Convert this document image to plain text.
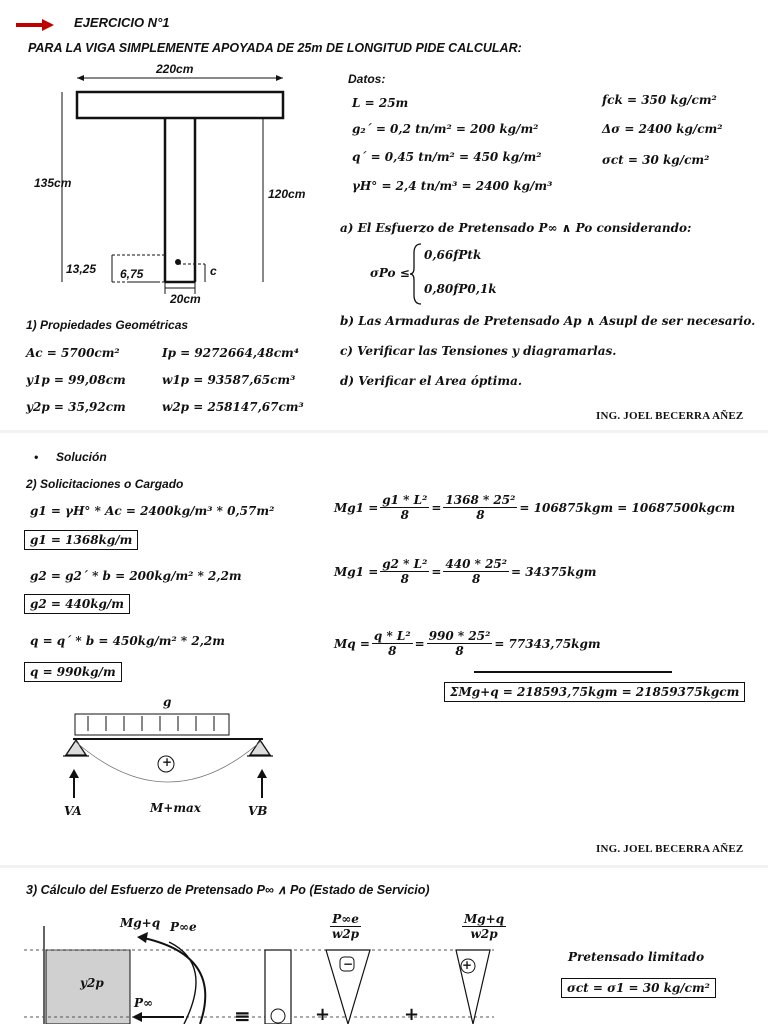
EJERCICIO N°1
PARA LA VIGA SIMPLEMENTE APOYADA DE 25m DE LONGITUD PIDE CALCULAR:
220cm
135cm
120cm
13,25 6,75	c
20cm
Datos:
L = 25m
g₂´ = 0,2 tn/m² = 200 kg/m²
q´ = 0,45 tn/m² = 450 kg/m²
γH° = 2,4 tn/m³ = 2400 kg/m³
fck = 350 kg/cm²
Δσ = 2400 kg/cm²
σct = 30 kg/cm²
a) El Esfuerzo de Pretensado P∞ ∧ Po considerando:
σPo ≤
0,66fPtk
0,80fP0,1k
b) Las Armaduras de Pretensado Ap ∧ Asupl de ser necesario.
c) Verificar las Tensiones y diagramarlas.
d) Verificar el Area óptima.
1) Propiedades Geométricas
Ac = 5700cm²	Ip = 9272664,48cm⁴
y1p = 99,08cm	w1p = 93587,65cm³
y2p = 35,92cm	w2p = 258147,67cm³
ING. JOEL BECERRA AÑEZ
• Solución
2) Solicitaciones o Cargado
g1 = γH° * Ac = 2400kg/m³ * 0,57m²
g1 = 1368kg/m
g2 = g2´ * b = 200kg/m² * 2,2m
g2 = 440kg/m
q = q´ * b = 450kg/m² * 2,2m
q = 990kg/m
$Mg1 = \frac{\text{g1 * L²}}{8} = \frac{\text{1368 * 25²}}{8} = 106875kgm$ = 10687500kgcm
$Mg1 = \frac{\text{g2 * L²}}{8} = \frac{\text{440 * 25²}}{8} = 34375kgm$
$Mq = \frac{\text{q * L²}}{8} = \frac{\text{990 * 25²}}{8} = 77343,75kgm$
ΣMg+q = 218593,75kgm = 21859375kgcm
g
+
VA	VB
M+max
ING. JOEL BECERRA AÑEZ
3) Cálculo del Esfuerzo de Pretensado P∞ ∧ Po (Estado de Servicio)
Mg+q P∞e
y2p
P∞
$\frac{P\infty e}{w2p}$	$\frac{Mg+q}{w2p}$
−	+
≡	+	+
Pretensado limitado
σct = σ1 = 30 kg/cm²
